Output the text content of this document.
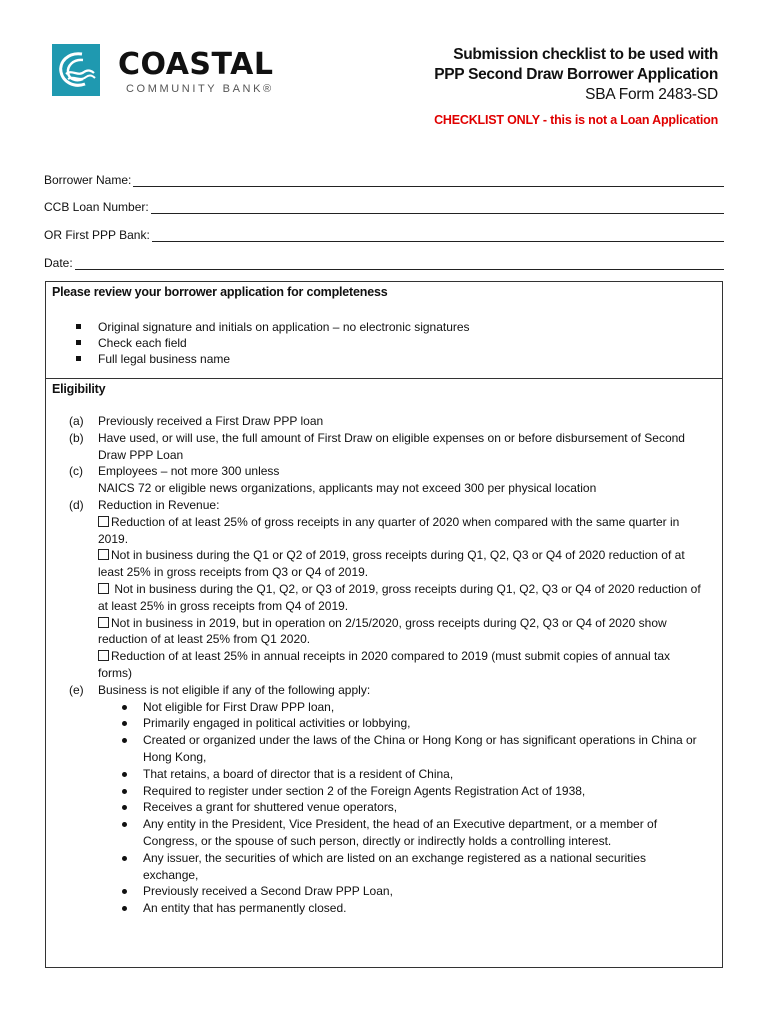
COASTAL
COMMUNITY BANK®
Submission checklist to be used with
PPP Second Draw Borrower Application
SBA Form 2483-SD
CHECKLIST ONLY - this is not a Loan Application
Borrower Name:
CCB Loan Number:
OR First PPP Bank:
Date:
Please review your borrower application for completeness
Original signature and initials on application – no electronic signatures
Check each field
Full legal business name
Eligibility
(a) Previously received a First Draw PPP loan
(b) Have used, or will use, the full amount of First Draw on eligible expenses on or before disbursement of Second Draw PPP Loan
(c) Employees – not more 300 unless
NAICS 72 or eligible news organizations, applicants may not exceed 300 per physical location
(d) Reduction in Revenue:
Reduction of at least 25% of gross receipts in any quarter of 2020 when compared with the same quarter in 2019.
Not in business during the Q1 or Q2 of 2019, gross receipts during Q1, Q2, Q3 or Q4 of 2020 reduction of at least 25% in gross receipts from Q3 or Q4 of 2019.
Not in business during the Q1, Q2, or Q3 of 2019, gross receipts during Q1, Q2, Q3 or Q4 of 2020 reduction of at least 25% in gross receipts from Q4 of 2019.
Not in business in 2019, but in operation on 2/15/2020, gross receipts during Q2, Q3 or Q4 of 2020 show reduction of at least 25% from Q1 2020.
Reduction of at least 25% in annual receipts in 2020 compared to 2019 (must submit copies of annual tax forms)
(e) Business is not eligible if any of the following apply:
Not eligible for First Draw PPP loan,
Primarily engaged in political activities or lobbying,
Created or organized under the laws of the China or Hong Kong or has significant operations in China or Hong Kong,
That retains, a board of director that is a resident of China,
Required to register under section 2 of the Foreign Agents Registration Act of 1938,
Receives a grant for shuttered venue operators,
Any entity in the President, Vice President, the head of an Executive department, or a member of Congress, or the spouse of such person, directly or indirectly holds a controlling interest.
Any issuer, the securities of which are listed on an exchange registered as a national securities exchange,
Previously received a Second Draw PPP Loan,
An entity that has permanently closed.
